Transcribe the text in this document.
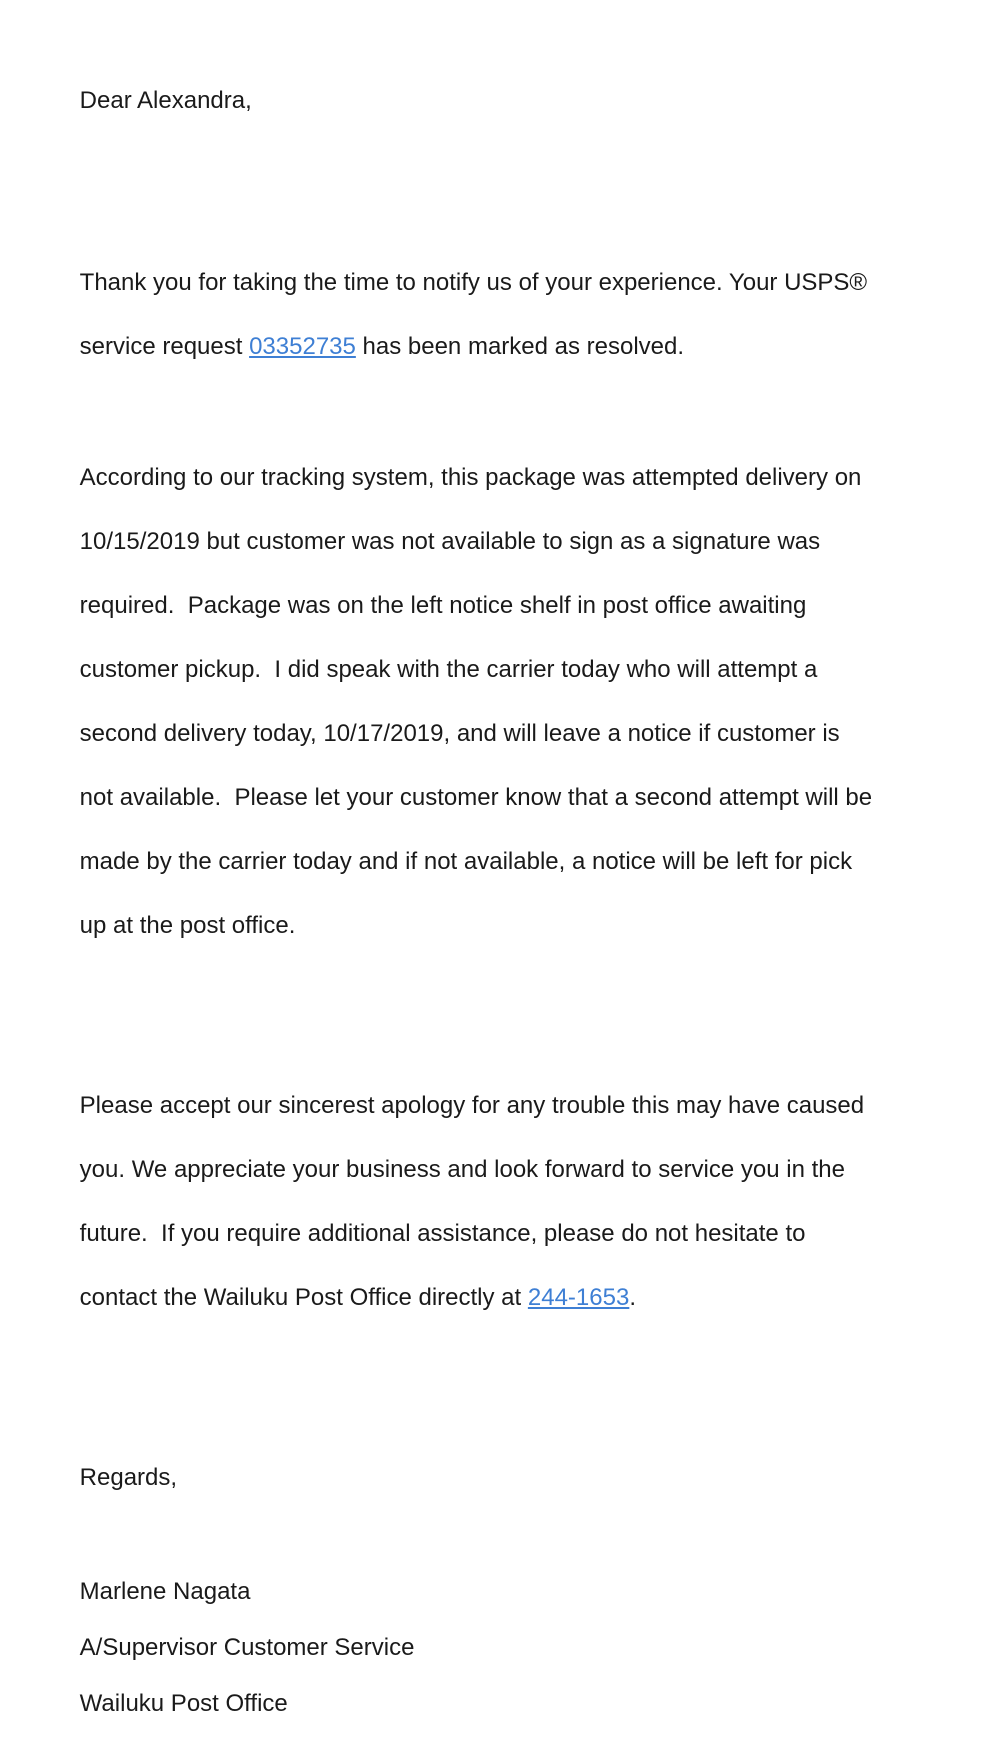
Dear Alexandra,

Thank you for taking the time to notify us of your experience. Your USPS®

service request 03352735 has been marked as resolved.

According to our tracking system, this package was attempted delivery on

10/15/2019 but customer was not available to sign as a signature was

required.  Package was on the left notice shelf in post office awaiting

customer pickup.  I did speak with the carrier today who will attempt a

second delivery today, 10/17/2019, and will leave a notice if customer is

not available.  Please let your customer know that a second attempt will be

made by the carrier today and if not available, a notice will be left for pick

up at the post office.

Please accept our sincerest apology for any trouble this may have caused

you. We appreciate your business and look forward to service you in the

future.  If you require additional assistance, please do not hesitate to

contact the Wailuku Post Office directly at 244-1653.

Regards,

Marlene Nagata

A/Supervisor Customer Service

Wailuku Post Office
